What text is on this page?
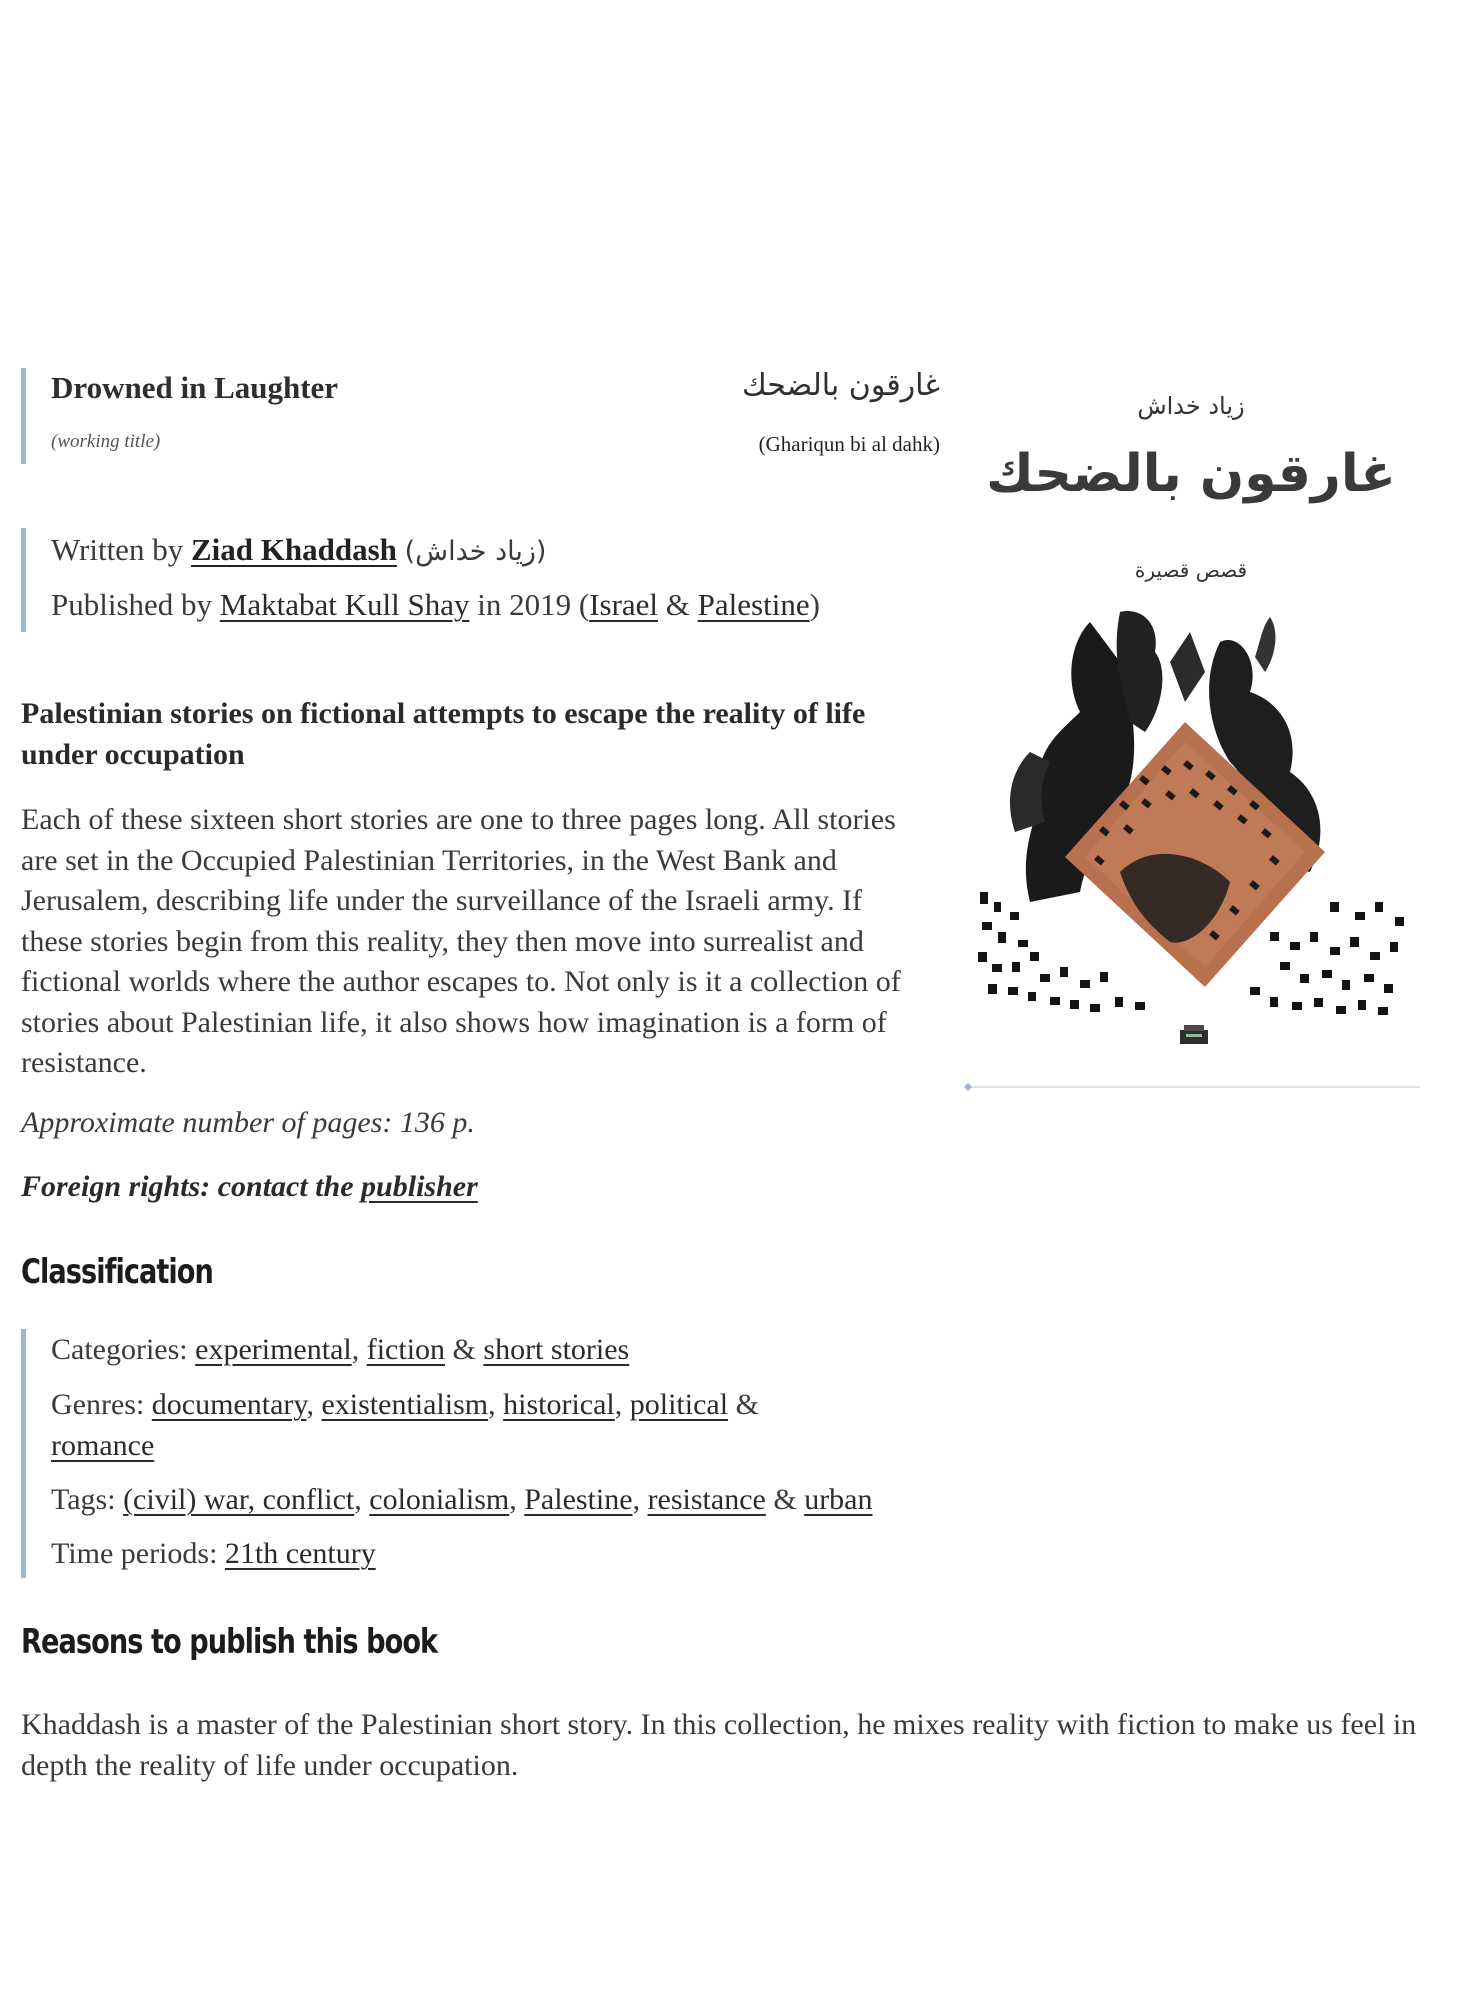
Drowned in Laughter
(working title)
غارقون بالضحك
(Ghariqun bi al dahk)
Written by Ziad Khaddash (زياد خداش)
Published by Maktabat Kull Shay in 2019 (Israel & Palestine)
Palestinian stories on fictional attempts to escape the reality of life under occupation
Each of these sixteen short stories are one to three pages long. All stories are set in the Occupied Palestinian Territories, in the West Bank and Jerusalem, describing life under the surveillance of the Israeli army. If these stories begin from this reality, they then move into surrealist and fictional worlds where the author escapes to. Not only is it a collection of stories about Palestinian life, it also shows how imagination is a form of resistance.
Approximate number of pages: 136 p.
Foreign rights: contact the publisher
Classification
Categories: experimental, fiction & short stories
Genres: documentary, existentialism, historical, political & romance
Tags: (civil) war, conflict, colonialism, Palestine, resistance & urban
Time periods: 21th century
Reasons to publish this book
Khaddash is a master of the Palestinian short story. In this collection, he mixes reality with fiction to make us feel in depth the reality of life under occupation.
زياد خداش
غارقون بالضحك
قصص قصيرة
